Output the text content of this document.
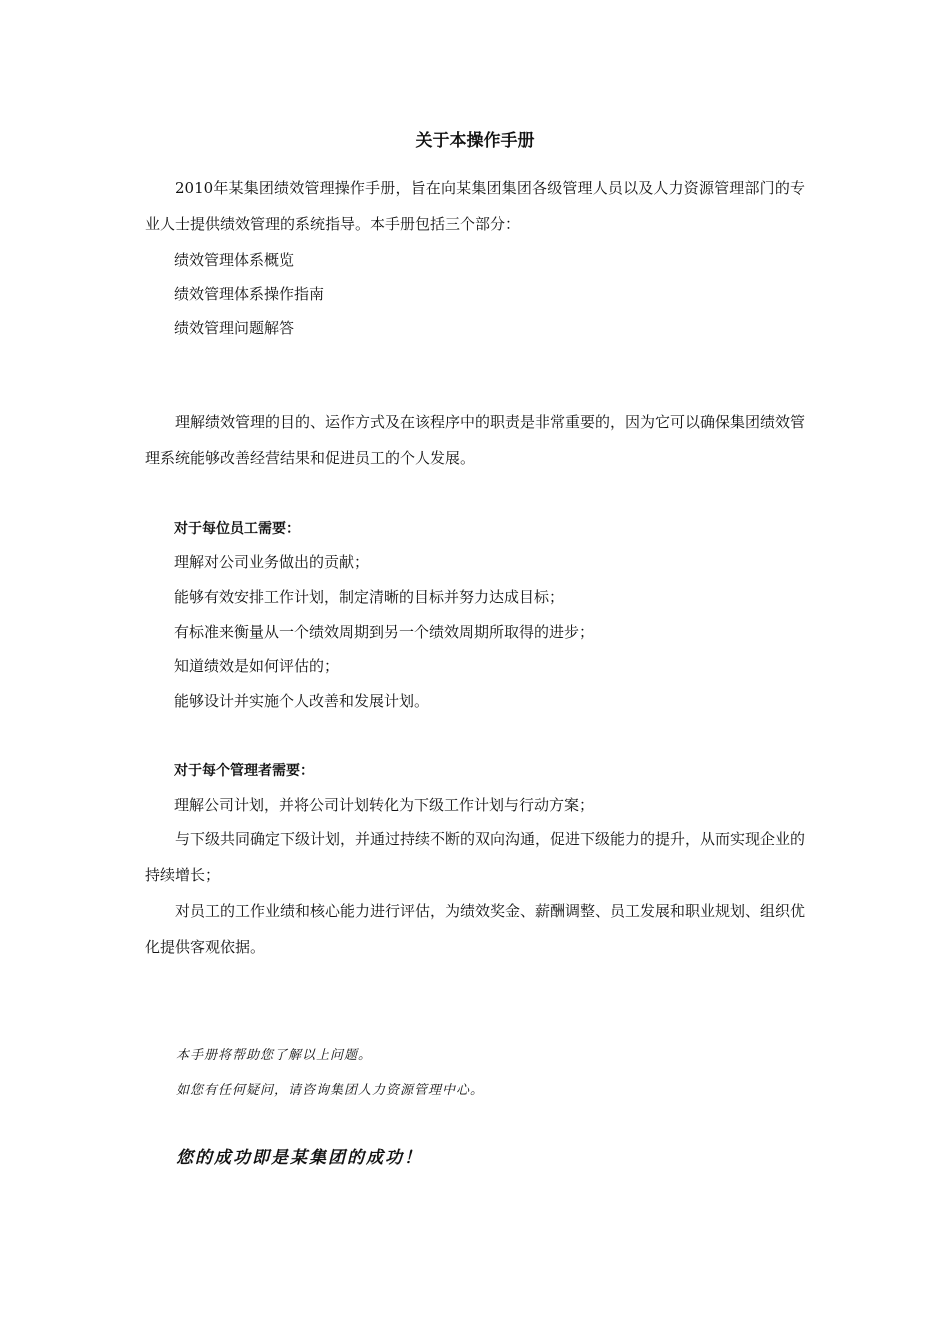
关于本操作手册

2010年某集团绩效管理操作手册，旨在向某集团集团各级管理人员以及人力资源管理部门的专业人士提供绩效管理的系统指导。本手册包括三个部分：

绩效管理体系概览
绩效管理体系操作指南
绩效管理问题解答

理解绩效管理的目的、运作方式及在该程序中的职责是非常重要的，因为它可以确保集团绩效管理系统能够改善经营结果和促进员工的个人发展。

对于每位员工需要：
理解对公司业务做出的贡献；
能够有效安排工作计划，制定清晰的目标并努力达成目标；
有标准来衡量从一个绩效周期到另一个绩效周期所取得的进步；
知道绩效是如何评估的；
能够设计并实施个人改善和发展计划。
对于每个管理者需要：
理解公司计划，并将公司计划转化为下级工作计划与行动方案；

与下级共同确定下级计划，并通过持续不断的双向沟通，促进下级能力的提升，从而实现企业的持续增长；

对员工的工作业绩和核心能力进行评估，为绩效奖金、薪酬调整、员工发展和职业规划、组织优化提供客观依据。

本手册将帮助您了解以上问题。
如您有任何疑问，请咨询集团人力资源管理中心。
您的成功即是某集团的成功！
